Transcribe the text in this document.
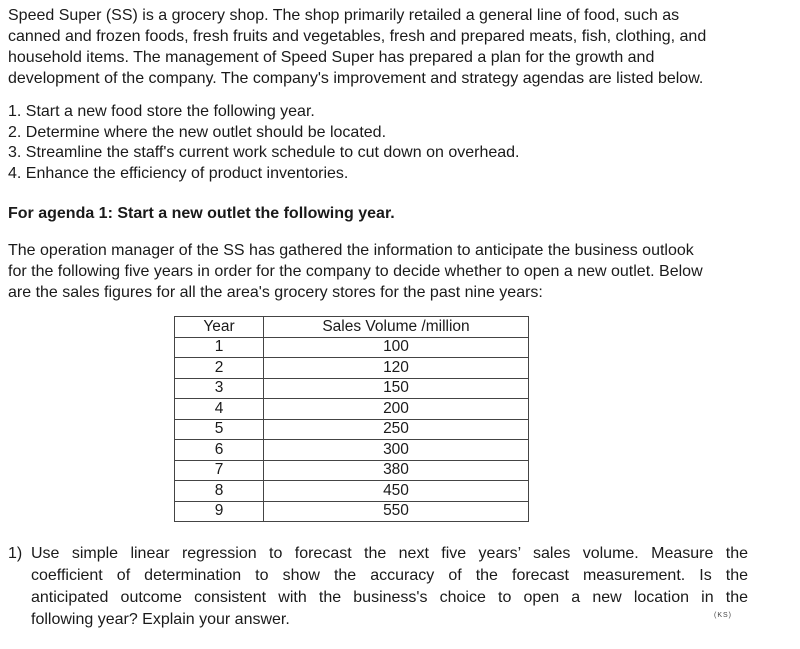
Speed Super (SS) is a grocery shop. The shop primarily retailed a general line of food, such as
canned and frozen foods, fresh fruits and vegetables, fresh and prepared meats, fish, clothing, and
household items. The management of Speed Super has prepared a plan for the growth and
development of the company. The company's improvement and strategy agendas are listed below.
1. Start a new food store the following year.
2. Determine where the new outlet should be located.
3. Streamline the staff's current work schedule to cut down on overhead.
4. Enhance the efficiency of product inventories.
For agenda 1: Start a new outlet the following year.
The operation manager of the SS has gathered the information to anticipate the business outlook
for the following five years in order for the company to decide whether to open a new outlet. Below
are the sales figures for all the area's grocery stores for the past nine years:
Year	Sales Volume /million
1	100
2	120
3	150
4	200
5	250
6	300
7	380
8	450
9	550
1) Use simple linear regression to forecast the next five years’ sales volume. Measure the
coefficient of determination to show the accuracy of the forecast measurement. Is the
anticipated outcome consistent with the business's choice to open a new location in the
following year? Explain your answer.	(KS)
